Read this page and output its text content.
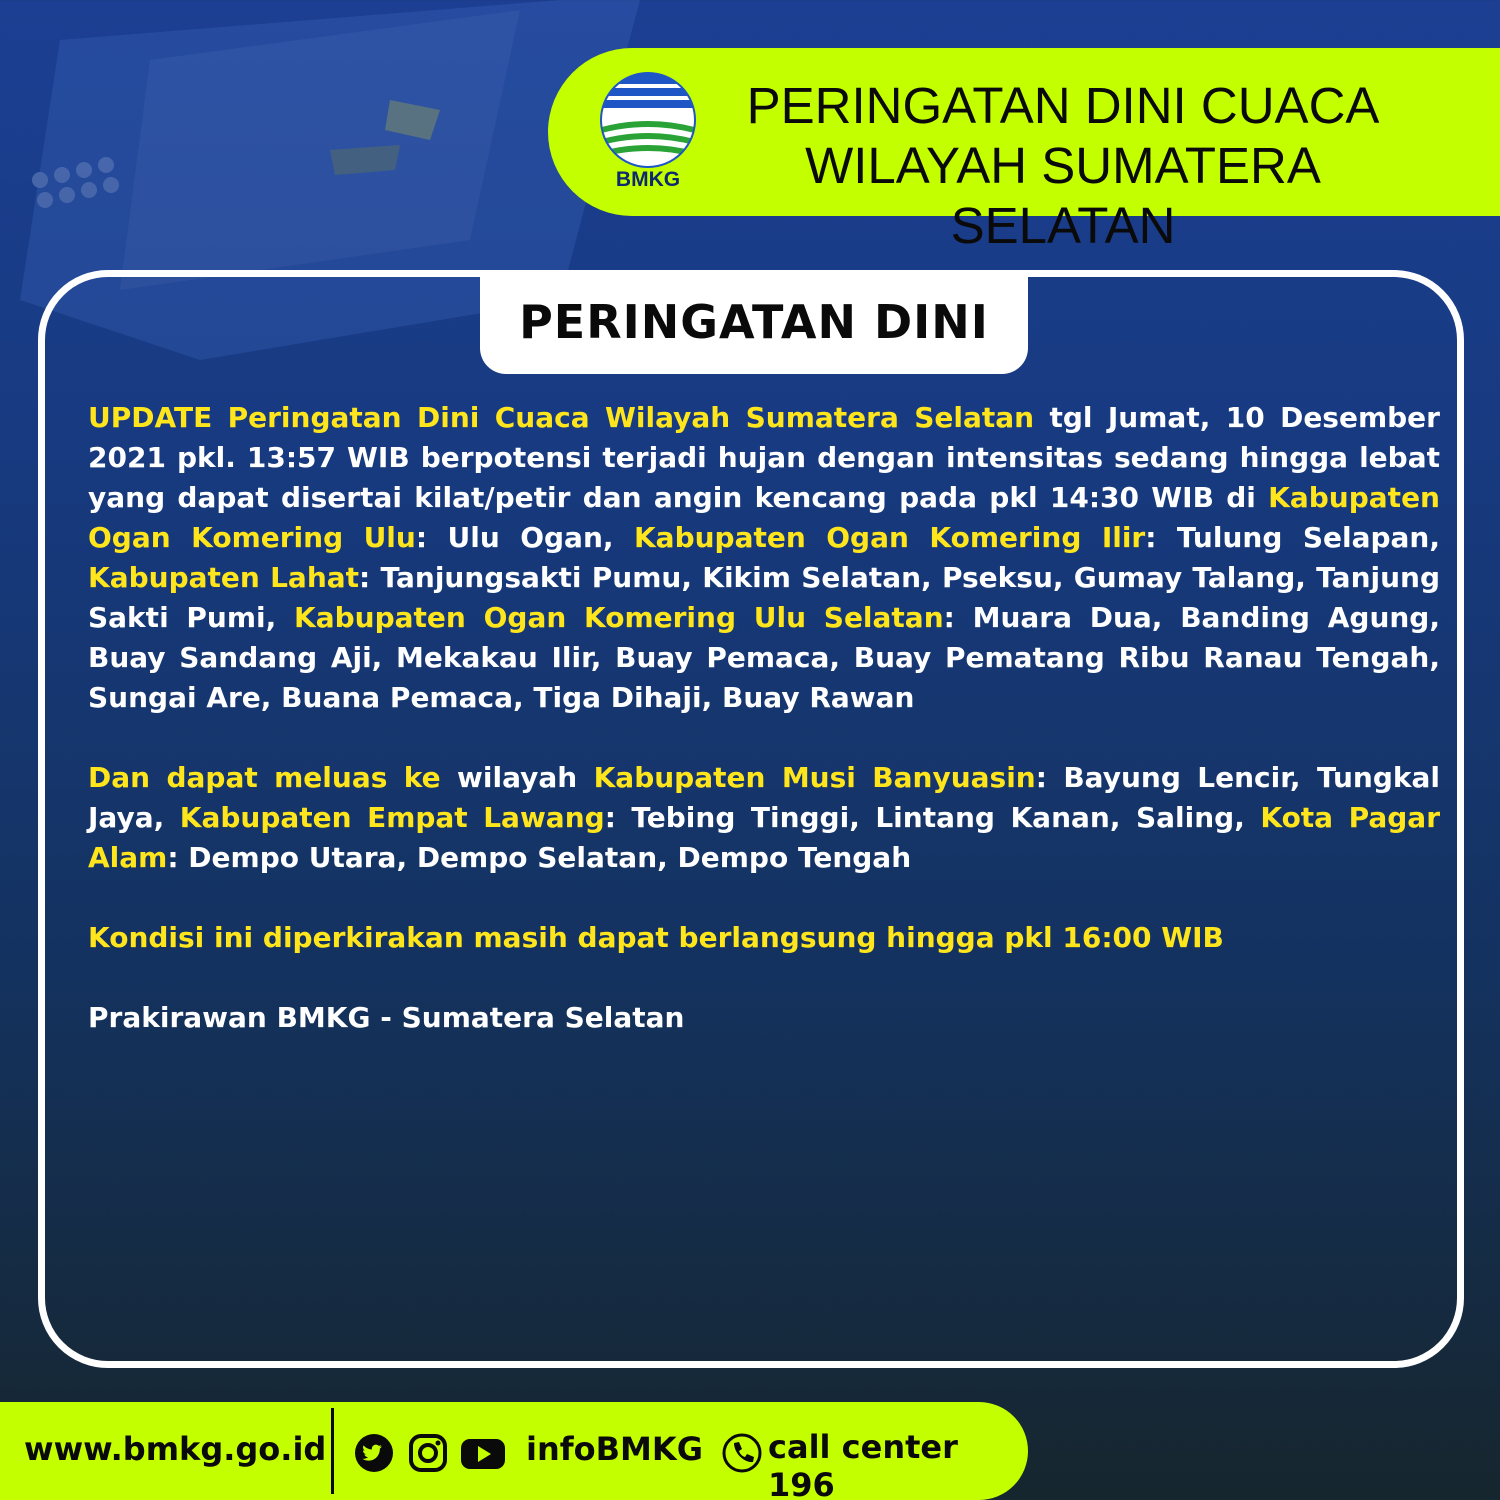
BMKG
PERINGATAN DINI CUACA
WILAYAH SUMATERA SELATAN
PERINGATAN DINI

UPDATE Peringatan Dini Cuaca Wilayah Sumatera Selatan tgl Jumat, 10 Desember 2021 pkl. 13:57 WIB berpotensi terjadi hujan dengan intensitas sedang hingga lebat yang dapat disertai kilat/petir dan angin kencang pada pkl 14:30 WIB di Kabupaten Ogan Komering Ulu: Ulu Ogan, Kabupaten Ogan Komering Ilir: Tulung Selapan, Kabupaten Lahat: Tanjungsakti Pumu, Kikim Selatan, Pseksu, Gumay Talang, Tanjung Sakti Pumi, Kabupaten Ogan Komering Ulu Selatan: Muara Dua, Banding Agung, Buay Sandang Aji, Mekakau Ilir, Buay Pemaca, Buay Pematang Ribu Ranau Tengah, Sungai Are, Buana Pemaca, Tiga Dihaji, Buay Rawan

Dan dapat meluas ke wilayah Kabupaten Musi Banyuasin: Bayung Lencir, Tungkal Jaya, Kabupaten Empat Lawang: Tebing Tinggi, Lintang Kanan, Saling, Kota Pagar Alam: Dempo Utara, Dempo Selatan, Dempo Tengah

Kondisi ini diperkirakan masih dapat berlangsung hingga pkl 16:00 WIB

Prakirawan BMKG - Sumatera Selatan

www.bmkg.go.id	infoBMKG call center 196
